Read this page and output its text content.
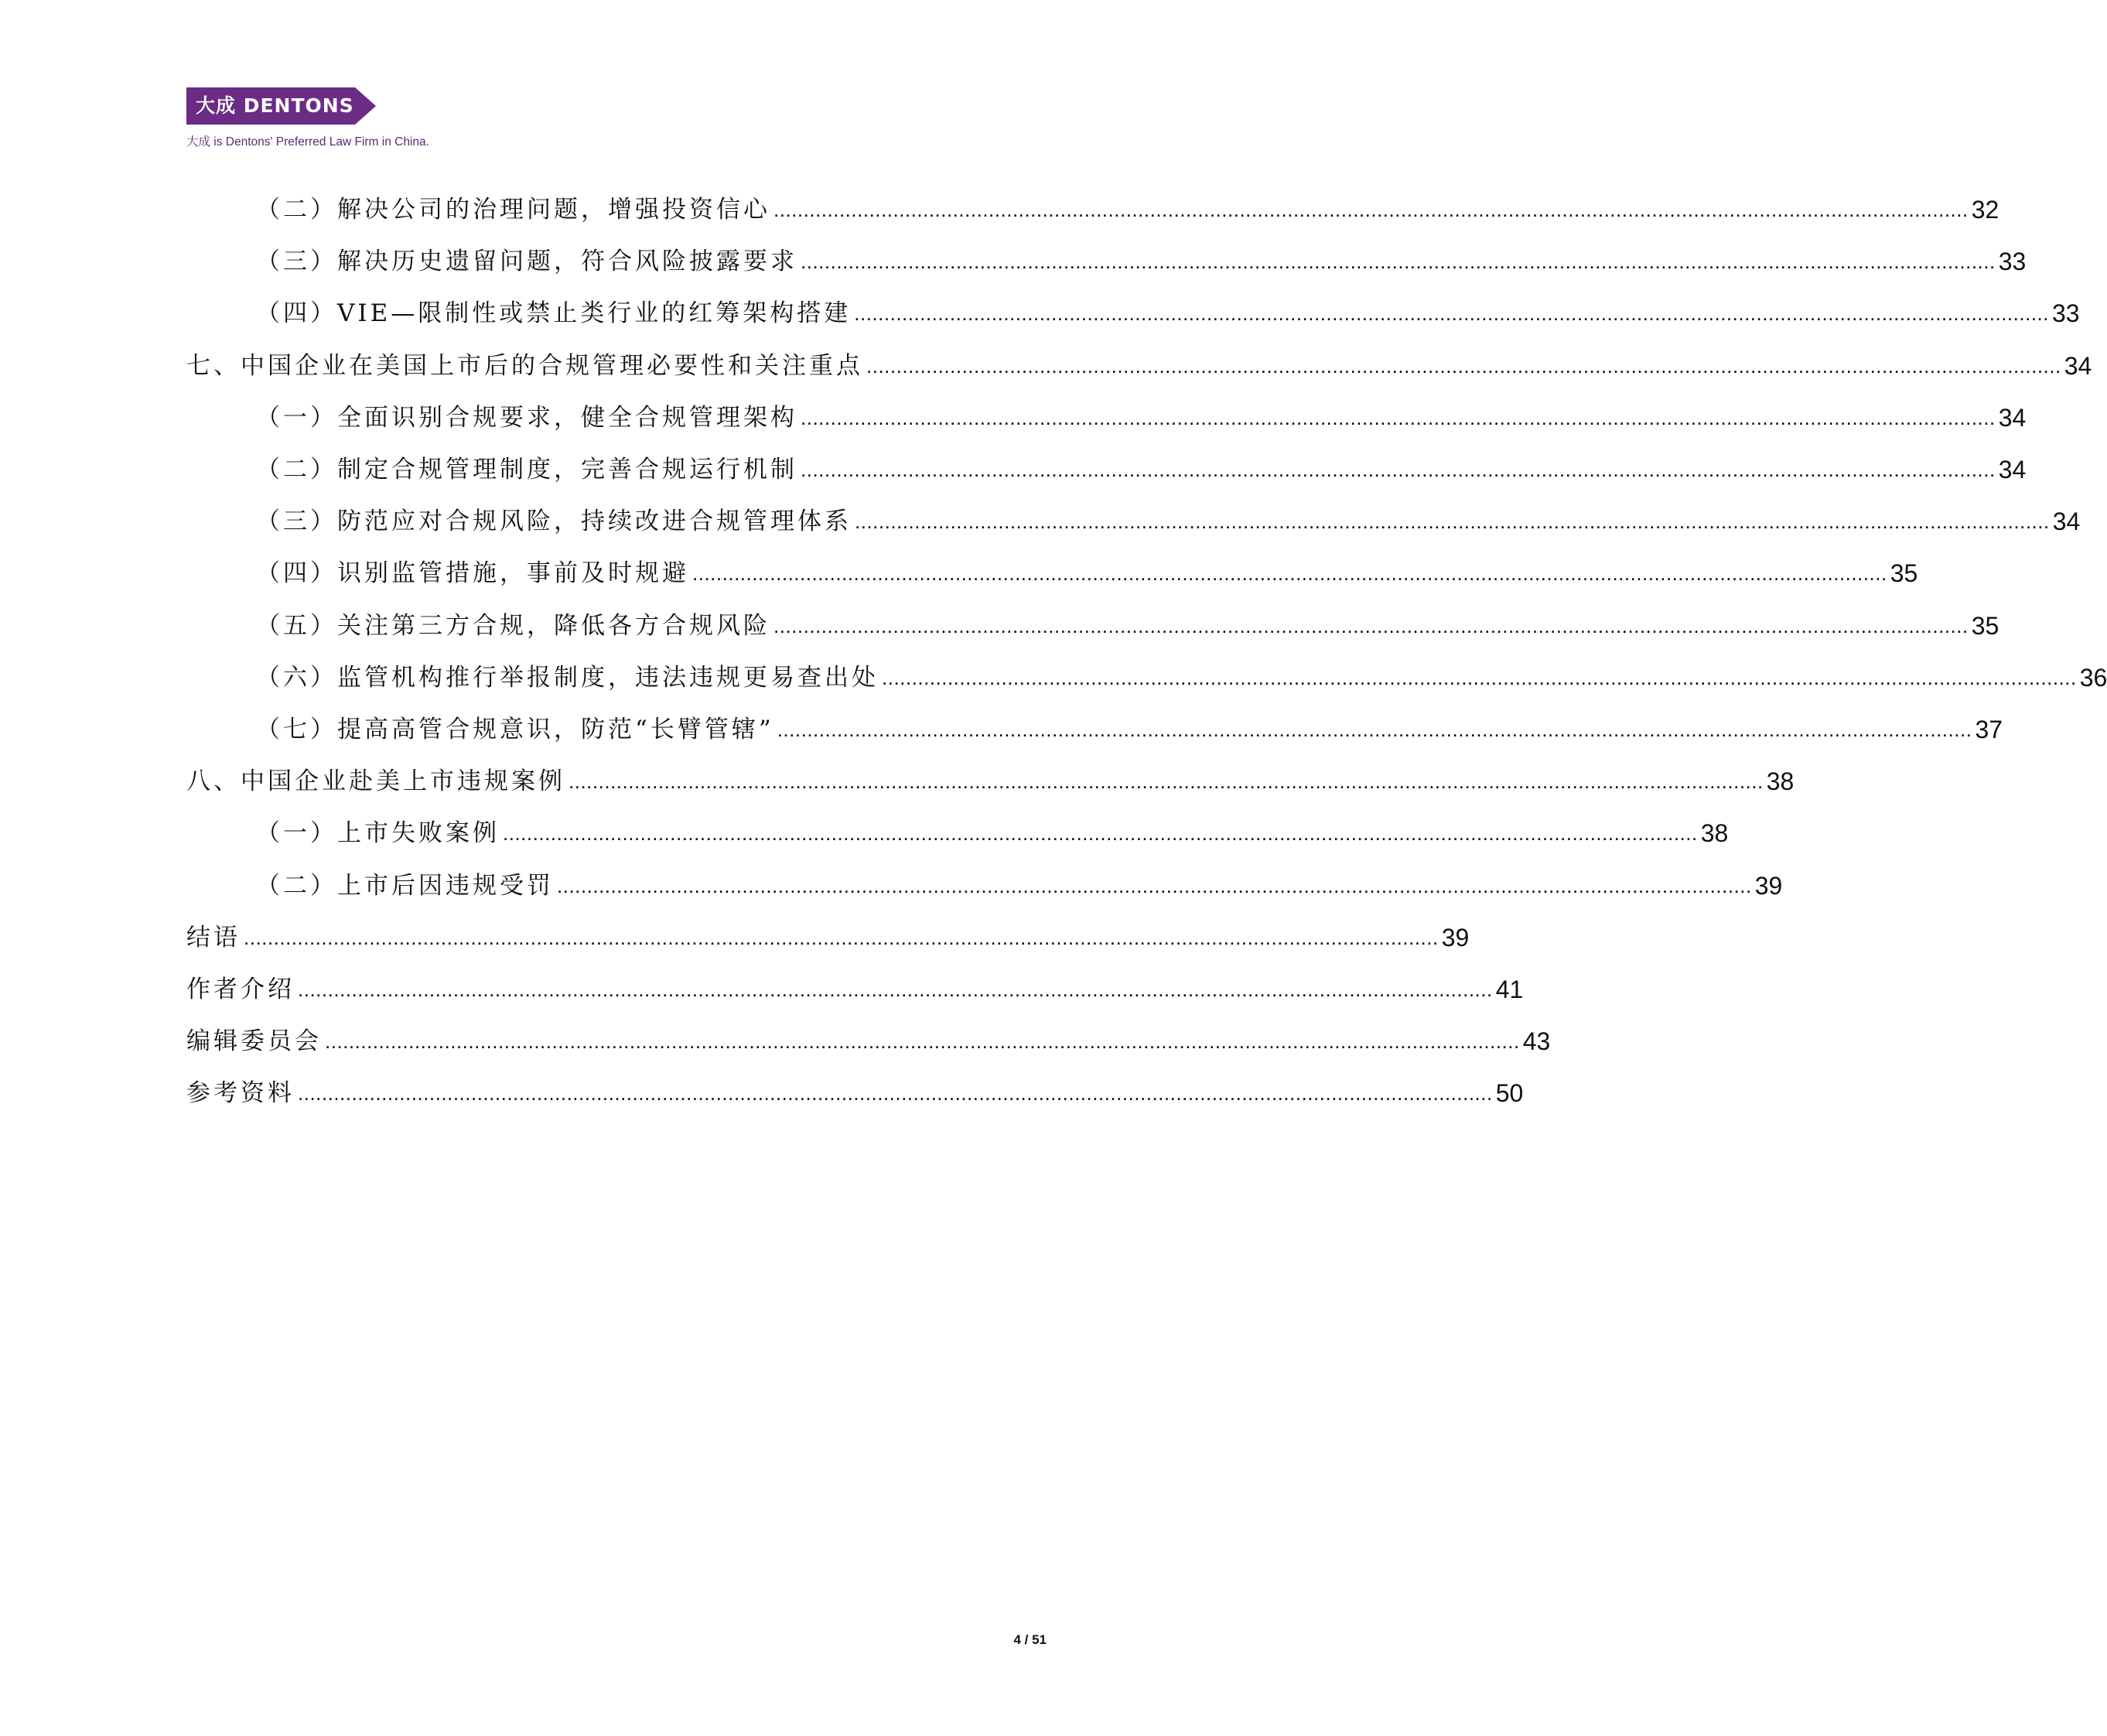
大成 DENTONS
大成 is Dentons' Preferred Law Firm in China.
（二）解决公司的治理问题，增强投资信心 ........................................................................................................................................................................................................ 32
（三）解决历史遗留问题，符合风险披露要求 ........................................................................................................................................................................................................ 33
（四）VIE—限制性或禁止类行业的红筹架构搭建 ........................................................................................................................................................................................................ 33
七、中国企业在美国上市后的合规管理必要性和关注重点 ........................................................................................................................................................................................................ 34
（一）全面识别合规要求，健全合规管理架构 ........................................................................................................................................................................................................ 34
（二）制定合规管理制度，完善合规运行机制 ........................................................................................................................................................................................................ 34
（三）防范应对合规风险，持续改进合规管理体系 ........................................................................................................................................................................................................ 34
（四）识别监管措施，事前及时规避 ........................................................................................................................................................................................................ 35
（五）关注第三方合规，降低各方合规风险 ........................................................................................................................................................................................................ 35
（六）监管机构推行举报制度，违法违规更易查出处 ........................................................................................................................................................................................................ 36
（七）提高高管合规意识，防范“长臂管辖” ........................................................................................................................................................................................................ 37
八、中国企业赴美上市违规案例 ........................................................................................................................................................................................................ 38
（一）上市失败案例 ........................................................................................................................................................................................................ 38
（二）上市后因违规受罚 ........................................................................................................................................................................................................ 39
结语 ........................................................................................................................................................................................................ 39
作者介绍 ........................................................................................................................................................................................................ 41
编辑委员会 ........................................................................................................................................................................................................ 43
参考资料 ........................................................................................................................................................................................................ 50
4 / 51
